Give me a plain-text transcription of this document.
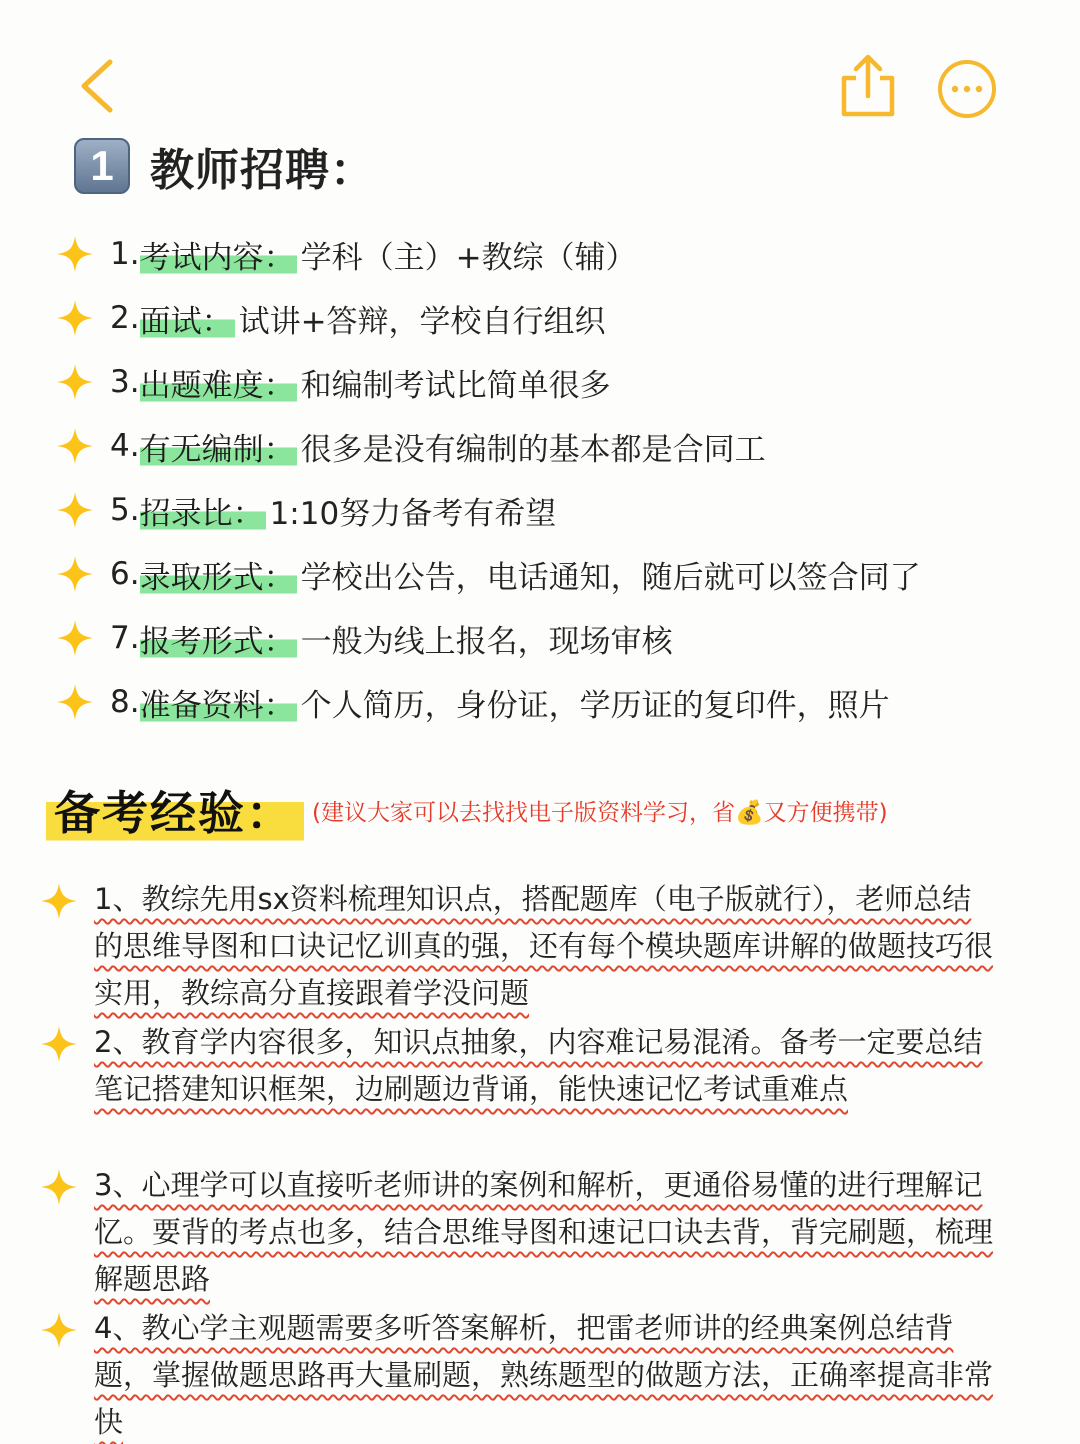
1 教师招聘：
1. 考试内容： 学科（主）+教综（辅）
2. 面试： 试讲+答辩，学校自行组织
3. 出题难度： 和编制考试比简单很多
4. 有无编制： 很多是没有编制的基本都是合同工
5. 招录比： 1:10努力备考有希望
6. 录取形式： 学校出公告，电话通知，随后就可以签合同了
7. 报考形式： 一般为线上报名，现场审核
8. 准备资料： 个人简历，身份证，学历证的复印件，照片
备考经验： (建议大家可以去找找电子版资料学习，省💰又方便携带)
1、教综先用sx资料梳理知识点，搭配题库（电子版就行），老师总结的思维导图和口诀记忆训真的强，还有每个模块题库讲解的做题技巧很实用，教综高分直接跟着学没问题
2、教育学内容很多，知识点抽象，内容难记易混淆。备考一定要总结笔记搭建知识框架，边刷题边背诵，能快速记忆考试重难点
3、心理学可以直接听老师讲的案例和解析，更通俗易懂的进行理解记忆。要背的考点也多，结合思维导图和速记口诀去背，背完刷题，梳理解题思路
4、教心学主观题需要多听答案解析，把雷老师讲的经典案例总结背题，掌握做题思路再大量刷题，熟练题型的做题方法，正确率提高非常快
